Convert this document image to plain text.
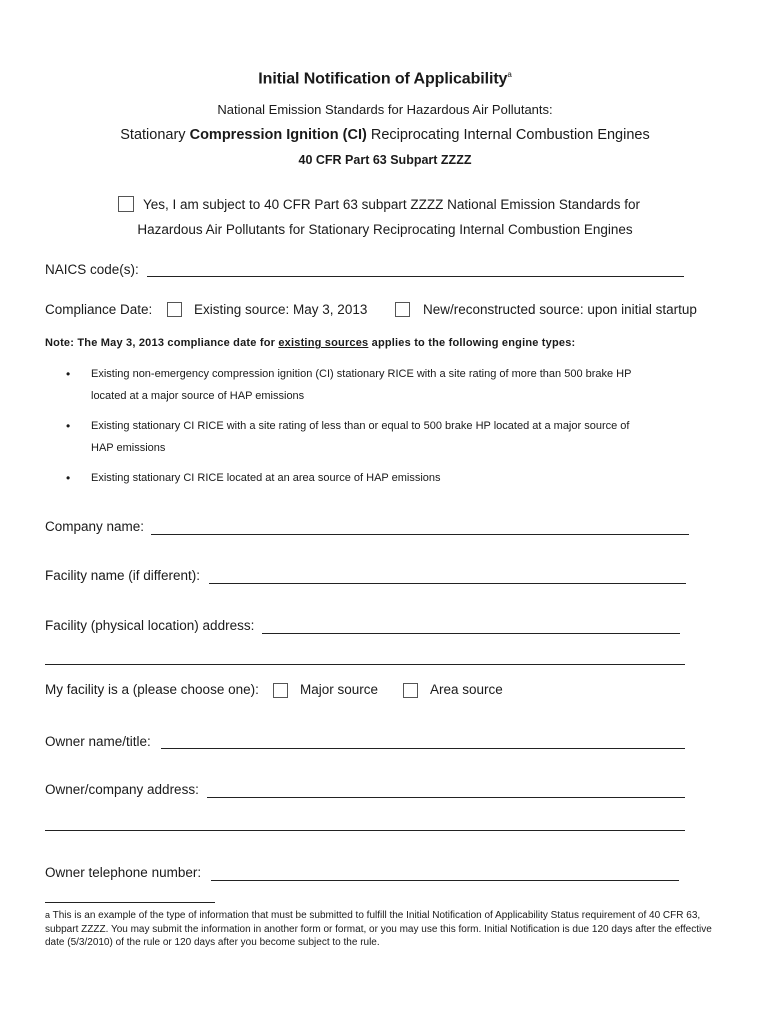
Initial Notification of Applicability$^a$
National Emission Standards for Hazardous Air Pollutants:
Stationary Compression Ignition (CI) Reciprocating Internal Combustion Engines
40 CFR Part 63 Subpart ZZZZ
Yes, I am subject to 40 CFR Part 63 subpart ZZZZ National Emission Standards for
Hazardous Air Pollutants for Stationary Reciprocating Internal Combustion Engines
NAICS code(s):
Compliance Date:	Existing source: May 3, 2013	New/reconstructed source: upon initial startup
Note: The May 3, 2013 compliance date for existing sources applies to the following engine types:
• Existing non-emergency compression ignition (CI) stationary RICE with a site rating of more than 500 brake HP
located at a major source of HAP emissions
• Existing stationary CI RICE with a site rating of less than or equal to 500 brake HP located at a major source of
HAP emissions
• Existing stationary CI RICE located at an area source of HAP emissions
Company name:
Facility name (if different):
Facility (physical location) address:
My facility is a (please choose one):	Major source	Area source
Owner name/title:
Owner/company address:
Owner telephone number:
a This is an example of the type of information that must be submitted to fulfill the Initial Notification of Applicability Status requirement of 40 CFR 63, subpart ZZZZ. You may submit the information in another form or format, or you may use this form. Initial Notification is due 120 days after the effective date (5/3/2010) of the rule or 120 days after you become subject to the rule.
